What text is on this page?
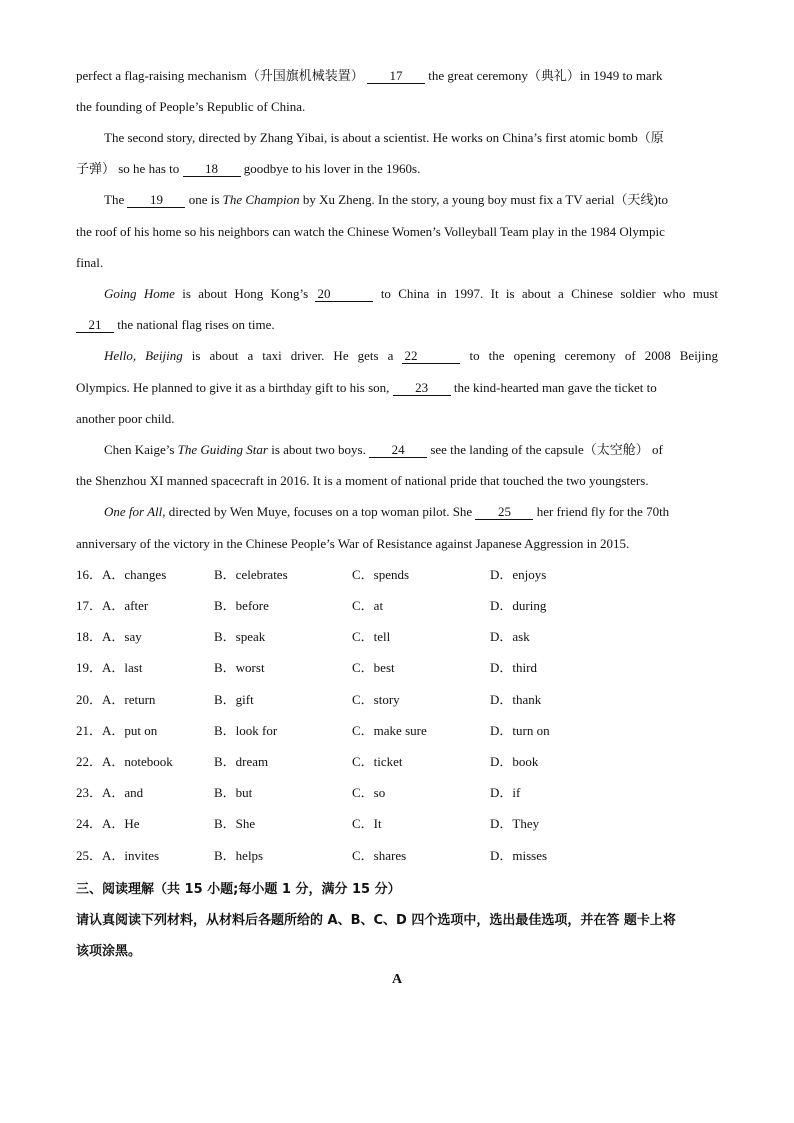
perfect a flag-raising mechanism（升国旗机械装置） 17 the great ceremony（典礼）in 1949 to mark
the founding of People’s Republic of China.
The second story, directed by Zhang Yibai, is about a scientist. He works on China’s first atomic bomb（原
子弹） so he has to 18 goodbye to his lover in the 1960s.
The 19 one is The Champion by Xu Zheng. In the story, a young boy must fix a TV aerial（天线)to
the roof of his home so his neighbors can watch the Chinese Women’s Volleyball Team play in the 1984 Olympic
final.
Going Home is about Hong Kong’s 20	to China in 1997. It is about a Chinese soldier who must
21 the national flag rises on time.
Hello, Beijing is about a taxi driver. He gets a 22	to the opening ceremony of 2008 Beijing
Olympics. He planned to give it as a birthday gift to his son, 23 the kind-hearted man gave the ticket to
another poor child.
Chen Kaige’s The Guiding Star is about two boys. 24 see the landing of the capsule（太空舱） of
the Shenzhou XI manned spacecraft in 2016. It is a moment of national pride that touched the two youngsters.
One for All, directed by Wen Muye, focuses on a top woman pilot. She 25 her friend fly for the 70th
anniversary of the victory in the Chinese People’s War of Resistance against Japanese Aggression in 2015.
16．A．changes	B．celebrates	C．spends	D．enjoys
17．A．after	B．before	C．at	D．during
18．A．say	B．speak	C．tell	D．ask
19．A．last	B．worst	C．best	D．third
20．A．return	B．gift	C．story	D．thank
21．A．put on	B．look for	C．make sure	D．turn on
22．A．notebook	B．dream	C．ticket	D．book
23．A．and	B．but	C．so	D．if
24．A．He	B．She	C．It	D．They
25．A．invites	B．helps	C．shares	D．misses
三、阅读理解（共 15 小题;每小题 1 分，满分 15 分）
请认真阅读下列材料，从材料后各题所给的 A、B、C、D 四个选项中，选出最佳选项，并在答 题卡上将
该项涂黑。
A
